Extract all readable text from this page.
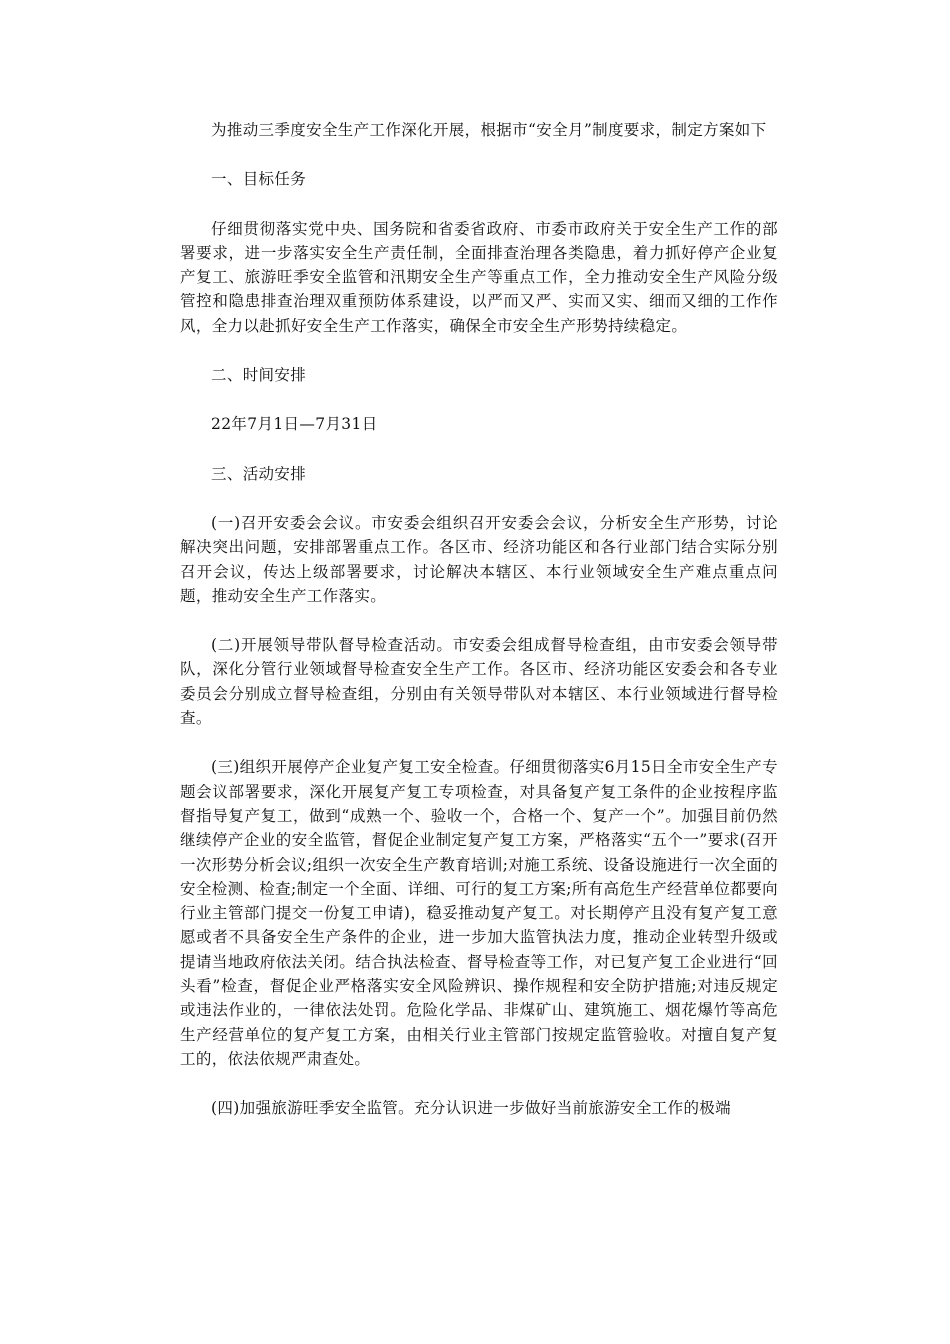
为推动三季度安全生产工作深化开展，根据市“安全月”制度要求，制定方案如下

一、目标任务

仔细贯彻落实党中央、国务院和省委省政府、市委市政府关于安全生产工作的部署要求，进一步落实安全生产责任制，全面排查治理各类隐患，着力抓好停产企业复产复工、旅游旺季安全监管和汛期安全生产等重点工作，全力推动安全生产风险分级管控和隐患排查治理双重预防体系建设，以严而又严、实而又实、细而又细的工作作风，全力以赴抓好安全生产工作落实，确保全市安全生产形势持续稳定。

二、时间安排

22年7月1日—7月31日

三、活动安排

(一)召开安委会会议。市安委会组织召开安委会会议，分析安全生产形势，讨论解决突出问题，安排部署重点工作。各区市、经济功能区和各行业部门结合实际分别召开会议，传达上级部署要求，讨论解决本辖区、本行业领域安全生产难点重点问题，推动安全生产工作落实。

(二)开展领导带队督导检查活动。市安委会组成督导检查组，由市安委会领导带队，深化分管行业领域督导检查安全生产工作。各区市、经济功能区安委会和各专业委员会分别成立督导检查组，分别由有关领导带队对本辖区、本行业领域进行督导检查。

(三)组织开展停产企业复产复工安全检查。仔细贯彻落实6月15日全市安全生产专题会议部署要求，深化开展复产复工专项检查，对具备复产复工条件的企业按程序监督指导复产复工，做到“成熟一个、验收一个，合格一个、复产一个”。加强目前仍然继续停产企业的安全监管，督促企业制定复产复工方案，严格落实“五个一”要求(召开一次形势分析会议;组织一次安全生产教育培训;对施工系统、设备设施进行一次全面的安全检测、检查;制定一个全面、详细、可行的复工方案;所有高危生产经营单位都要向行业主管部门提交一份复工申请)，稳妥推动复产复工。对长期停产且没有复产复工意愿或者不具备安全生产条件的企业，进一步加大监管执法力度，推动企业转型升级或提请当地政府依法关闭。结合执法检查、督导检查等工作，对已复产复工企业进行“回头看”检查，督促企业严格落实安全风险辨识、操作规程和安全防护措施;对违反规定或违法作业的，一律依法处罚。危险化学品、非煤矿山、建筑施工、烟花爆竹等高危生产经营单位的复产复工方案，由相关行业主管部门按规定监管验收。对擅自复产复工的，依法依规严肃查处。

(四)加强旅游旺季安全监管。充分认识进一步做好当前旅游安全工作的极端
